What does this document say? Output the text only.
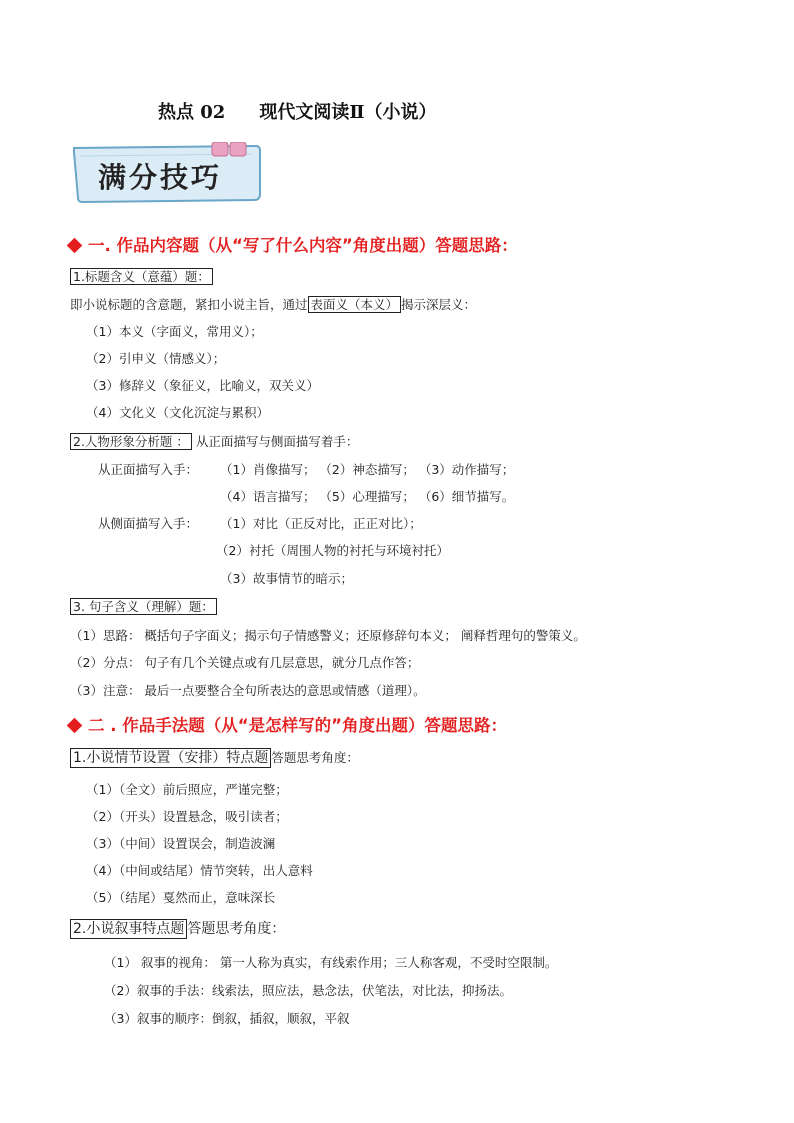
热点 02 现代文阅读Ⅱ（小说）
满分技巧
一. 作品内容题（从“写了什么内容”角度出题）答题思路：
1.标题含义（意蕴）题：
即小说标题的含意题，紧扣小说主旨，通过 表面义（本义） 揭示深层义：
（1）本义（字面义，常用义）；
（2）引申义（情感义）；
（3）修辞义（象征义，比喻义，双关义）
（4）文化义（文化沉淀与累积）
2.人物形象分析题 ： 从正面描写与侧面描写着手：
从正面描写入手： （1）肖像描写； （2）神态描写； （3）动作描写；
（4）语言描写； （5）心理描写； （6）细节描写。
从侧面描写入手： （1）对比（正反对比，正正对比）；
（2）衬托（周围人物的衬托与环境衬托）
（3）故事情节的暗示；
3. 句子含义（理解）题：
（1）思路： 概括句子字面义；揭示句子情感警义；还原修辞句本义； 阐释哲理句的警策义。
（2）分点： 句子有几个关键点或有几层意思，就分几点作答；
（3）注意： 最后一点要整合全句所表达的意思或情感（道理）。
二 . 作品手法题（从“是怎样写的”角度出题）答题思路：
1.小说情节设置（安排）特点题 答题思考角度：
（1）（全文）前后照应，严谨完整；
（2）（开头）设置悬念，吸引读者；
（3）（中间）设置误会，制造波澜
（4）（中间或结尾）情节突转，出人意料
（5）（结尾）戛然而止，意味深长
2.小说叙事特点题 答题思考角度：
（1） 叙事的视角： 第一人称为真实，有线索作用；三人称客观，不受时空限制。
（2）叙事的手法：线索法，照应法，悬念法，伏笔法，对比法，抑扬法。
（3）叙事的顺序：倒叙，插叙，顺叙，平叙
